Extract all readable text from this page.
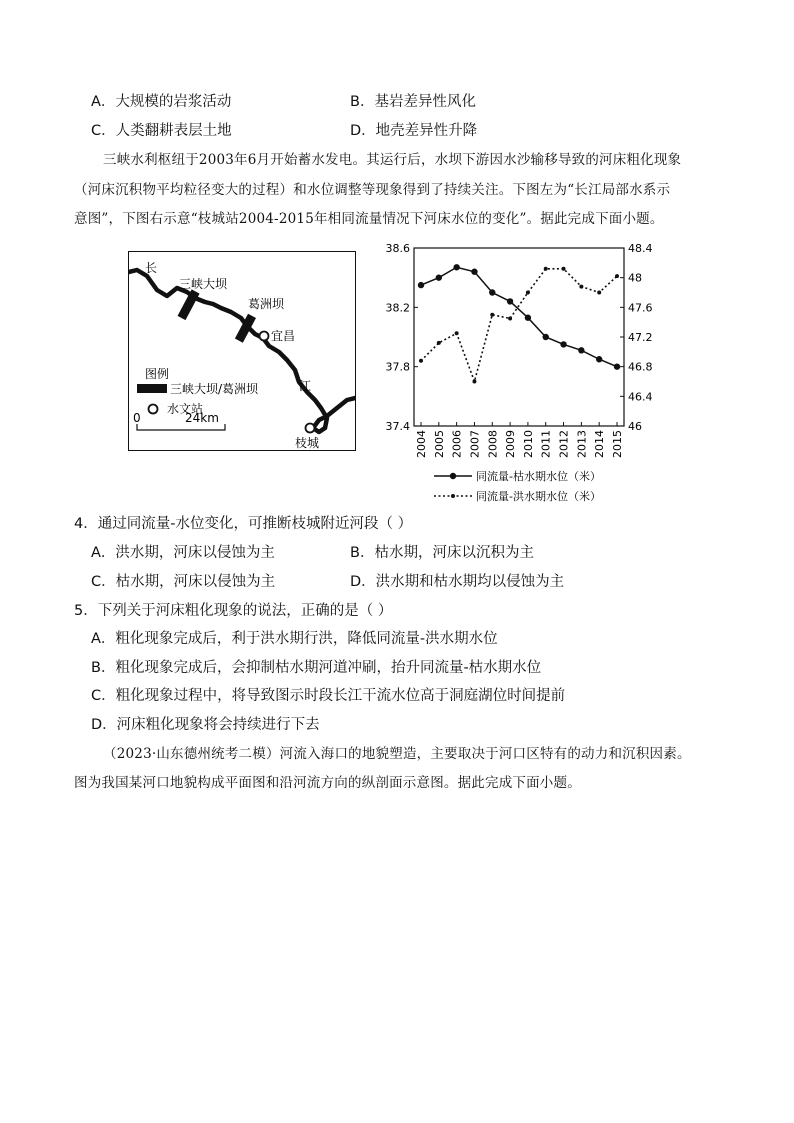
A．大规模的岩浆活动	B．基岩差异性风化
C．人类翻耕表层土地	D．地壳差异性升降
三峡水利枢纽于2003年6月开始蓄水发电。其运行后，水坝下游因水沙输移导致的河床粗化现象
（河床沉积物平均粒径变大的过程）和水位调整等现象得到了持续关注。下图左为“长江局部水系示
意图”，下图右示意“枝城站2004-2015年相同流量情况下河床水位的变化”。据此完成下面小题。
长
三峡大坝
葛洲坝
宜昌
江
枝城
图例
三峡大坝/葛洲坝
水文站
0	24km
37.4
37.8
38.2
38.6
46
46.4
46.8
47.2
47.6
48
48.4
2004 2005 2006 2007 2008 2009 2010 2011 2012 2013 2014 2015
同流量-枯水期水位（米）
同流量-洪水期水位（米）
4．通过同流量-水位变化，可推断枝城附近河段（ ）
A．洪水期，河床以侵蚀为主	B．枯水期，河床以沉积为主
C．枯水期，河床以侵蚀为主	D．洪水期和枯水期均以侵蚀为主
5．下列关于河床粗化现象的说法，正确的是（ ）
A．粗化现象完成后，利于洪水期行洪，降低同流量-洪水期水位
B．粗化现象完成后，会抑制枯水期河道冲刷，抬升同流量-枯水期水位
C．粗化现象过程中，将导致图示时段长江干流水位高于洞庭湖位时间提前
D．河床粗化现象将会持续进行下去
（2023·山东德州统考二模）河流入海口的地貌塑造，主要取决于河口区特有的动力和沉积因素。
图为我国某河口地貌构成平面图和沿河流方向的纵剖面示意图。据此完成下面小题。
